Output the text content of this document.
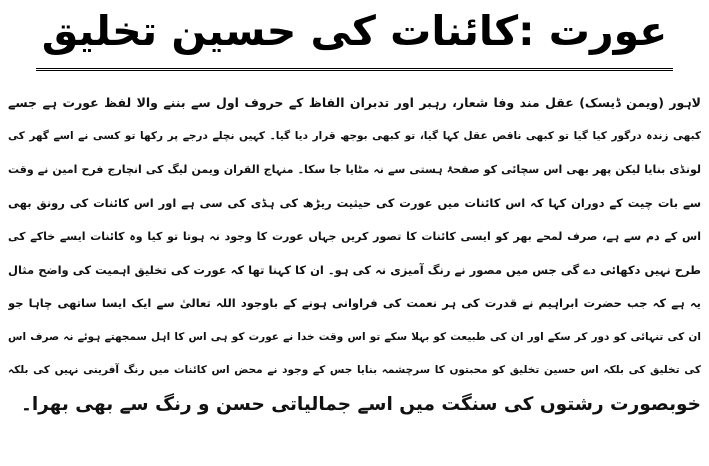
عورت :کائنات کی حسین تخلیق
لاہور (ویمن ڈیسک) عقل مند وفا شعار، رہبر اور تدبران الفاظ کے حروف اول سے بننے والا لفظ عورت ہے جسے
کبھی زندہ درگور کیا گیا تو کبھی ناقص عقل کہا گیا، تو کبھی بوجھ قرار دیا گیا۔ کہیں نچلے درجے پر رکھا تو کسی نے اسے گھر کی
لونڈی بنایا لیکن پھر بھی اس سچائی کو صفحۂ ہستی سے نہ مٹایا جا سکا۔ منہاج القران ویمن لیگ کی انچارج فرح امین نے وقت
سے بات چیت کے دوران کہا کہ اس کائنات میں عورت کی حیثیت ریڑھ کی ہڈی کی سی ہے اور اس کائنات کی رونق بھی
اس کے دم سے ہے، صرف لمحے بھر کو ایسی کائنات کا تصور کریں جہاں عورت کا وجود نہ ہوتا تو کیا وہ کائنات ایسے خاکے کی
طرح نہیں دکھائی دے گی جس میں مصور نے رنگ آمیزی نہ کی ہو۔ ان کا کہنا تھا کہ عورت کی تخلیق اہمیت کی واضح مثال
یہ ہے کہ جب حضرت ابراہیم نے قدرت کی ہر نعمت کی فراوانی ہونے کے باوجود اللہ تعالیٰ سے ایک ایسا ساتھی چاہا جو
ان کی تنہائی کو دور کر سکے اور ان کی طبیعت کو بہلا سکے تو اس وقت خدا نے عورت کو ہی اس کا اہل سمجھتے ہوئے نہ صرف اس
کی تخلیق کی بلکہ اس حسین تخلیق کو محبتوں کا سرچشمہ بنایا جس کے وجود نے محض اس کائنات میں رنگ آفرینی نہیں کی بلکہ
خوبصورت رشتوں کی سنگت میں اسے جمالیاتی حسن و رنگ سے بھی بھرا۔
